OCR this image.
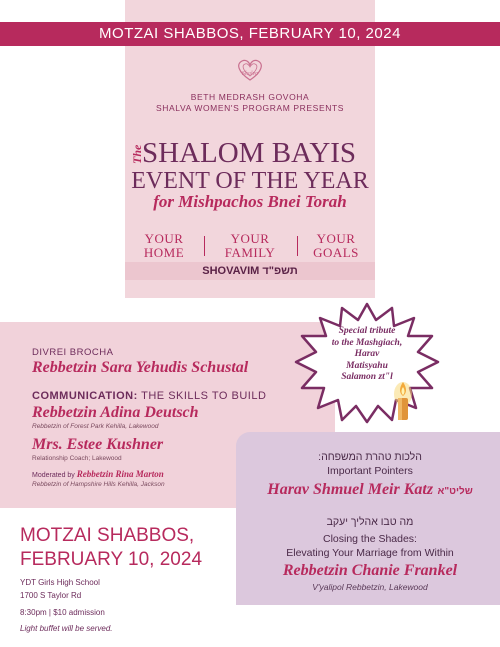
MOTZAI SHABBOS, FEBRUARY 10, 2024
Shalva
BETH MEDRASH GOVOHA
SHALVA WOMEN'S PROGRAM PRESENTS
The
SHALOM BAYIS
EVENT OF THE YEAR
for Mishpachos Bnei Torah
YOUR
HOME
YOUR
FAMILY
YOUR
GOALS
SHOVAVIM תשפ"ד
DIVREI BROCHA
Rebbetzin Sara Yehudis Schustal
COMMUNICATION: THE SKILLS TO BUILD
Rebbetzin Adina Deutsch
Rebbetzin of Forest Park Kehilla, Lakewood
Mrs. Estee Kushner
Relationship Coach; Lakewood
Moderated by Rebbetzin Rina Marton
Rebbetzin of Hampshire Hills Kehilla, Jackson
Special tribute
to the Mashgiach,
Harav
Matisyahu
Salamon zt"l
:הלכות טהרת המשפחה
Important Pointers
Harav Shmuel Meir Katz שליט"א
מה טבו אהליך יעקב
Closing the Shades:
Elevating Your Marriage from Within
Rebbetzin Chanie Frankel
V'yalipol Rebbetzin, Lakewood
MOTZAI SHABBOS,
FEBRUARY 10, 2024
YDT Girls High School
1700 S Taylor Rd
8:30pm | $10 admission
Light buffet will be served.
